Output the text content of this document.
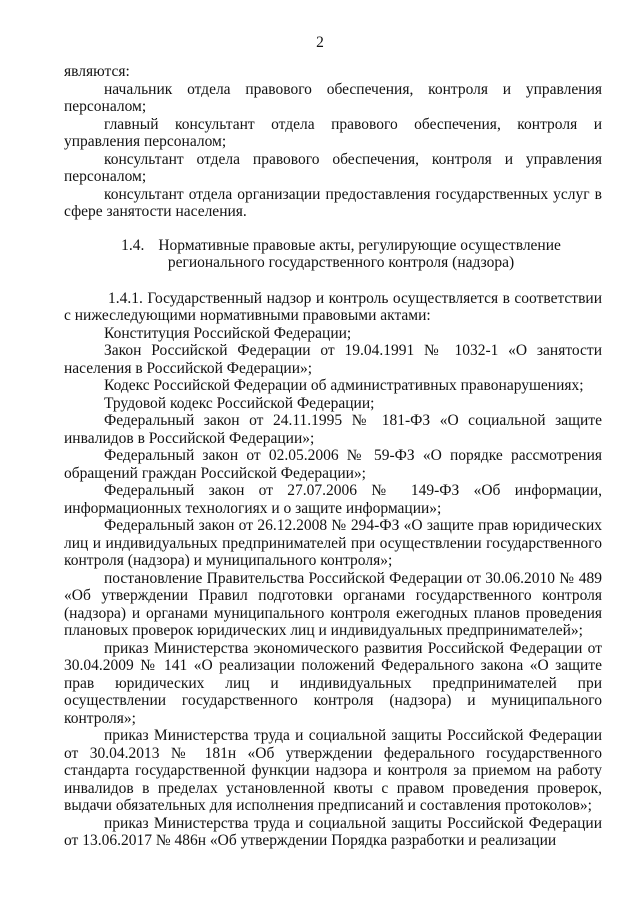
2

являются:

начальник отдела правового обеспечения, контроля и управления персоналом;

главный консультант отдела правового обеспечения, контроля и управления персоналом;

консультант отдела правового обеспечения, контроля и управления персоналом;

консультант отдела организации предоставления государственных услуг в сфере занятости населения.

1.4. Нормативные правовые акты, регулирующие осуществление
регионального государственного контроля (надзора)

1.4.1. Государственный надзор и контроль осуществляется в соответствии с нижеследующими нормативными правовыми актами:

Конституция Российской Федерации;

Закон Российской Федерации от 19.04.1991 № 1032-1 «О занятости населения в Российской Федерации»;

Кодекс Российской Федерации об административных правонарушениях;

Трудовой кодекс Российской Федерации;

Федеральный закон от 24.11.1995 № 181-ФЗ «О социальной защите инвалидов в Российской Федерации»;

Федеральный закон от 02.05.2006 № 59-ФЗ «О порядке рассмотрения обращений граждан Российской Федерации»;

Федеральный закон от 27.07.2006 № 149-ФЗ «Об информации, информационных технологиях и о защите информации»;

Федеральный закон от 26.12.2008 № 294-ФЗ «О защите прав юридических лиц и индивидуальных предпринимателей при осуществлении государственного контроля (надзора) и муниципального контроля»;

постановление Правительства Российской Федерации от 30.06.2010 № 489 «Об утверждении Правил подготовки органами государственного контроля (надзора) и органами муниципального контроля ежегодных планов проведения плановых проверок юридических лиц и индивидуальных предпринимателей»;

приказ Министерства экономического развития Российской Федерации от 30.04.2009 № 141 «О реализации положений Федерального закона «О защите прав юридических лиц и индивидуальных предпринимателей при осуществлении государственного контроля (надзора) и муниципального контроля»;

приказ Министерства труда и социальной защиты Российской Федерации от 30.04.2013 № 181н «Об утверждении федерального государственного стандарта государственной функции надзора и контроля за приемом на работу инвалидов в пределах установленной квоты с правом проведения проверок, выдачи обязательных для исполнения предписаний и составления протоколов»;

приказ Министерства труда и социальной защиты Российской Федерации от 13.06.2017 № 486н «Об утверждении Порядка разработки и реализации
